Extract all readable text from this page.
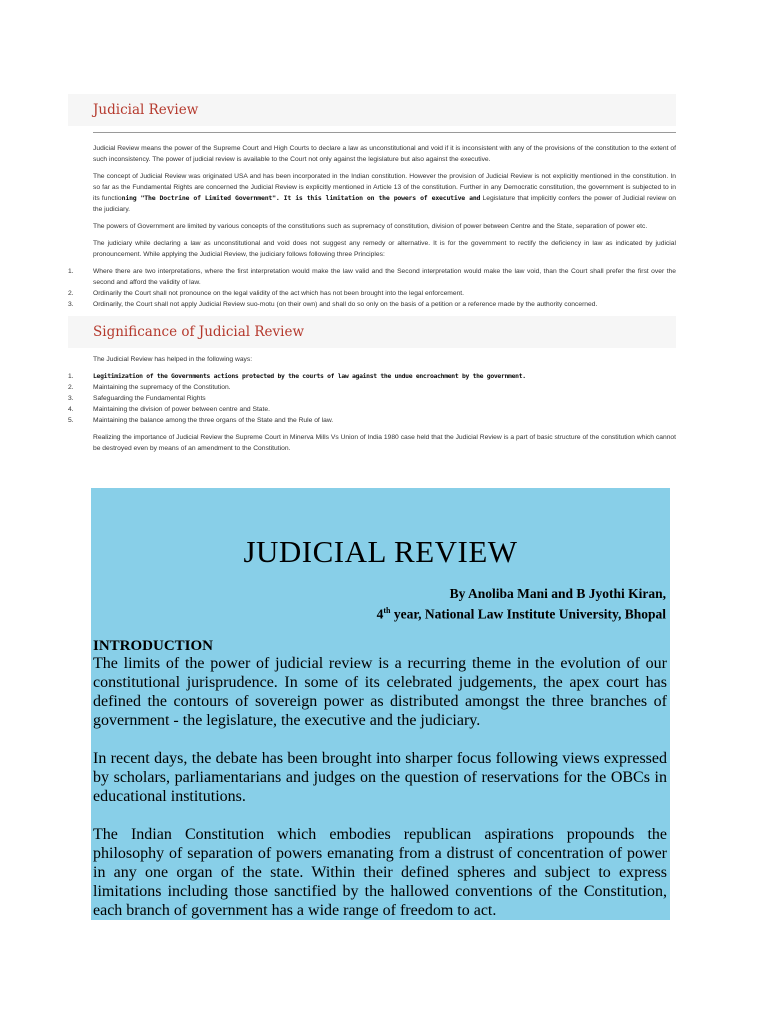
Judicial Review

Judicial Review means the power of the Supreme Court and High Courts to declare a law as unconstitutional and void if it is inconsistent with any of the provisions of the constitution to the extent of such inconsistency. The power of judicial review is available to the Court not only against the legislature but also against the executive.

The concept of Judicial Review was originated USA and has been incorporated in the Indian constitution. However the provision of Judicial Review is not explicitly mentioned in the constitution. In so far as the Fundamental Rights are concerned the Judicial Review is explicitly mentioned in Article 13 of the constitution. Further in any Democratic constitution, the government is subjected to in its functioning "The Doctrine of Limited Government". It is this limitation on the powers of executive and Legislature that implicitly confers the power of Judicial review on the judiciary.

The powers of Government are limited by various concepts of the constitutions such as supremacy of constitution, division of power between Centre and the State, separation of power etc.

The judiciary while declaring a law as unconstitutional and void does not suggest any remedy or alternative. It is for the government to rectify the deficiency in law as indicated by judicial pronouncement. While applying the Judicial Review, the judiciary follows following three Principles:

1.	Where there are two interpretations, where the first interpretation would make the law valid and the Second interpretation would make the law void, than the Court shall prefer the first over the second and afford the validity of law.
2.	Ordinarily the Court shall not pronounce on the legal validity of the act which has not been brought into the legal enforcement.
3.	Ordinarily, the Court shall not apply Judicial Review suo-motu (on their own) and shall do so only on the basis of a petition or a reference made by the authority concerned.
Significance of Judicial Review

The Judicial Review has helped in the following ways:

1.	Legitimization of the Governments actions protected by the courts of law against the undue encroachment by the government.
2.	Maintaining the supremacy of the Constitution.
3.	Safeguarding the Fundamental Rights
4.	Maintaining the division of power between centre and State.
5.	Maintaining the balance among the three organs of the State and the Rule of law.

Realizing the importance of Judicial Review the Supreme Court in Minerva Mills Vs Union of India 1980 case held that the Judicial Review is a part of basic structure of the constitution which cannot be destroyed even by means of an amendment to the Constitution.

JUDICIAL REVIEW
By Anoliba Mani and B Jyothi Kiran,
4th year, National Law Institute University, Bhopal
INTRODUCTION

The limits of the power of judicial review is a recurring theme in the evolution of our constitutional jurisprudence. In some of its celebrated judgements, the apex court has defined the contours of sovereign power as distributed amongst the three branches of government - the legislature, the executive and the judiciary.

In recent days, the debate has been brought into sharper focus following views expressed by scholars, parliamentarians and judges on the question of reservations for the OBCs in educational institutions.

The Indian Constitution which embodies republican aspirations propounds the philosophy of separation of powers emanating from a distrust of concentration of power in any one organ of the state. Within their defined spheres and subject to express limitations including those sanctified by the hallowed conventions of the Constitution, each branch of government has a wide range of freedom to act.
